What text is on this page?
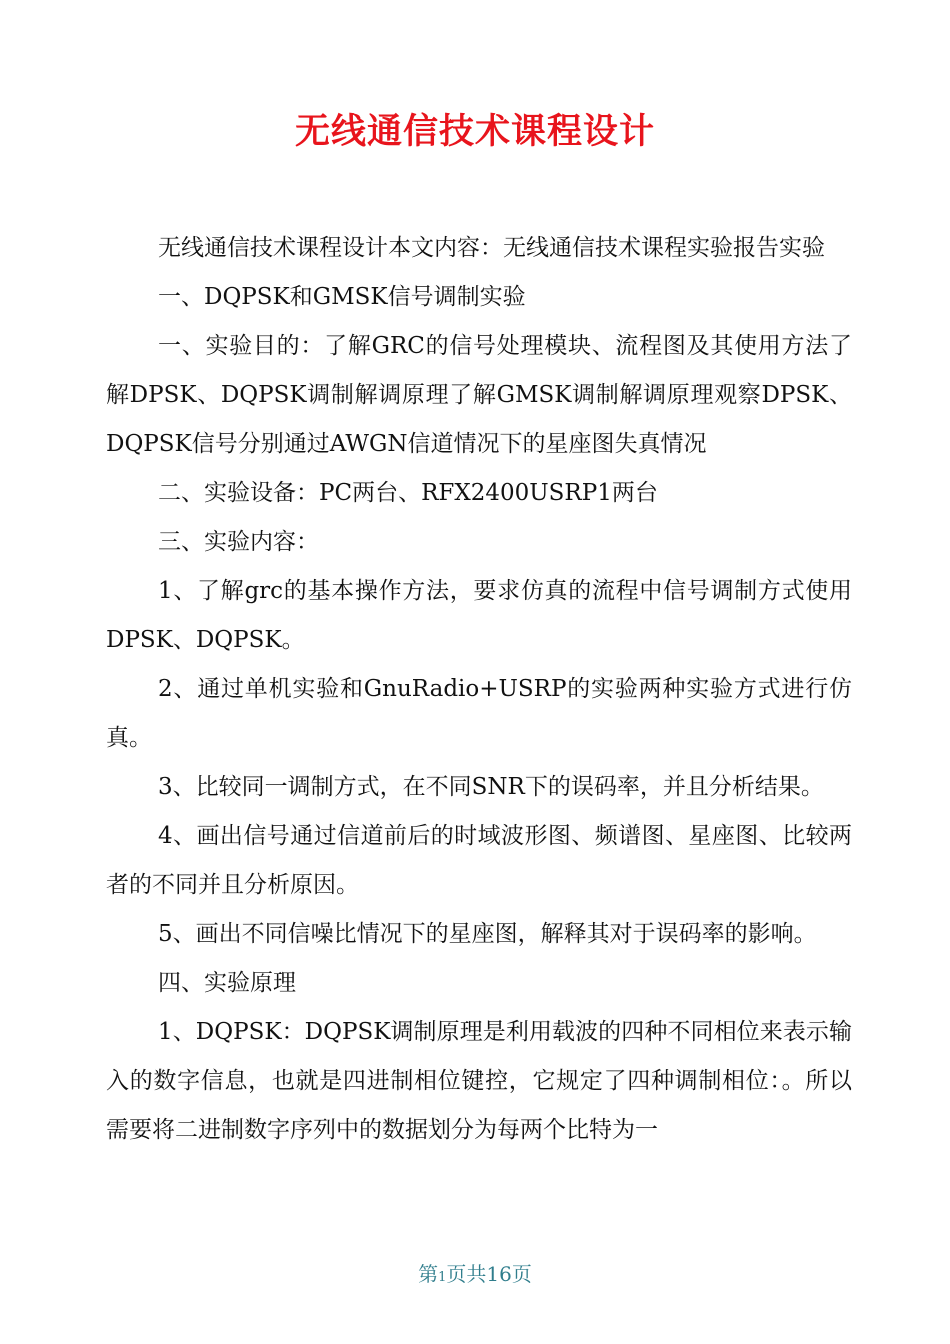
无线通信技术课程设计

无线通信技术课程设计本文内容：无线通信技术课程实验报告实验

一、DQPSK和GMSK信号调制实验

一、实验目的：了解GRC的信号处理模块、流程图及其使用方法了解DPSK、DQPSK调制解调原理了解GMSK调制解调原理观察DPSK、DQPSK信号分别通过AWGN信道情况下的星座图失真情况

二、实验设备：PC两台、RFX2400USRP1两台

三、实验内容：

1、了解grc的基本操作方法，要求仿真的流程中信号调制方式使用DPSK、DQPSK。

2、通过单机实验和GnuRadio+USRP的实验两种实验方式进行仿真。

3、比较同一调制方式，在不同SNR下的误码率，并且分析结果。

4、画出信号通过信道前后的时域波形图、频谱图、星座图、比较两者的不同并且分析原因。

5、画出不同信噪比情况下的星座图，解释其对于误码率的影响。

四、实验原理

1、DQPSK：DQPSK调制原理是利用载波的四种不同相位来表示输入的数字信息，也就是四进制相位键控，它规定了四种调制相位：。所以需要将二进制数字序列中的数据划分为每两个比特为一

第1页共16页
